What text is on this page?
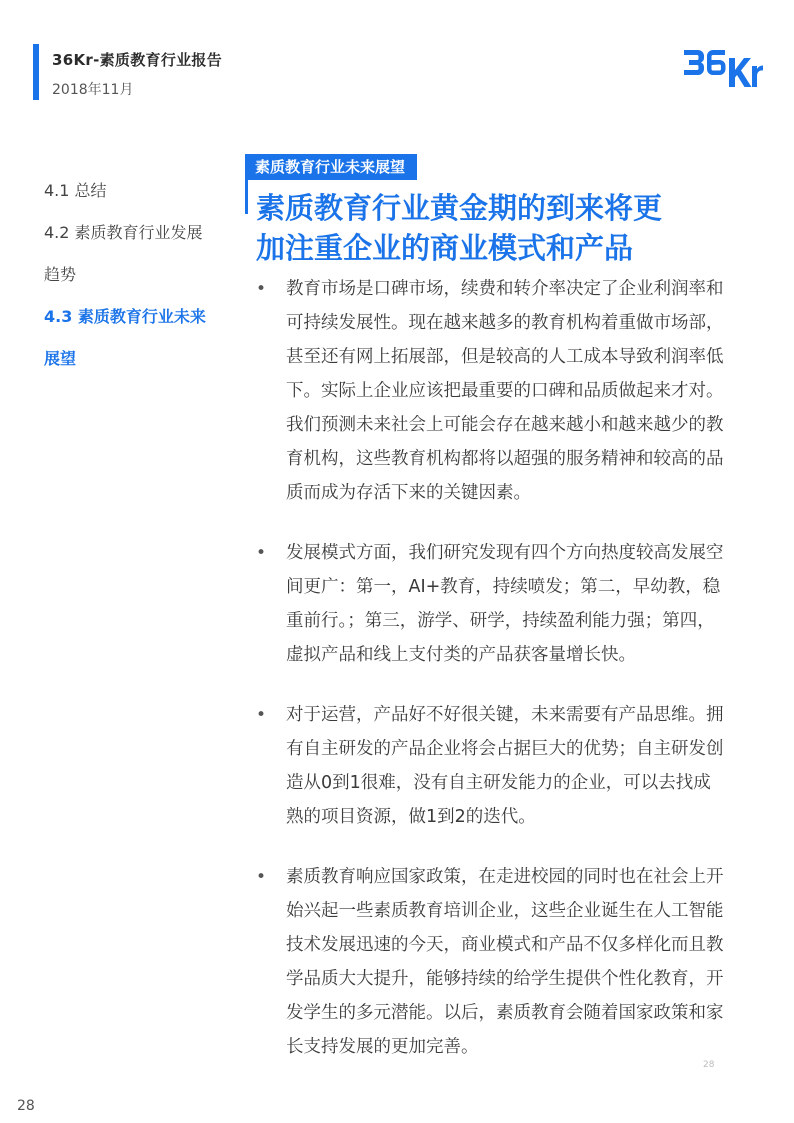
36Kr-素质教育行业报告
2018年11月
4.1 总结
4.2 素质教育行业发展
趋势
4.3 素质教育行业未来
展望
素质教育行业未来展望
素质教育行业黄金期的到来将更
加注重企业的商业模式和产品
• 教育市场是口碑市场，续费和转介率决定了企业利润率和可持续发展性。现在越来越多的教育机构着重做市场部，甚至还有网上拓展部，但是较高的人工成本导致利润率低下。实际上企业应该把最重要的口碑和品质做起来才对。我们预测未来社会上可能会存在越来越小和越来越少的教育机构，这些教育机构都将以超强的服务精神和较高的品质而成为存活下来的关键因素。
• 发展模式方面，我们研究发现有四个方向热度较高发展空间更广：第一，AI+教育，持续喷发；第二，早幼教，稳重前行。；第三，游学、研学，持续盈利能力强；第四，虚拟产品和线上支付类的产品获客量增长快。
• 对于运营，产品好不好很关键，未来需要有产品思维。拥有自主研发的产品企业将会占据巨大的优势；自主研发创造从0到1很难，没有自主研发能力的企业，可以去找成熟的项目资源，做1到2的迭代。
• 素质教育响应国家政策，在走进校园的同时也在社会上开始兴起一些素质教育培训企业，这些企业诞生在人工智能技术发展迅速的今天，商业模式和产品不仅多样化而且教学品质大大提升，能够持续的给学生提供个性化教育，开发学生的多元潜能。以后，素质教育会随着国家政策和家长支持发展的更加完善。
28
28
